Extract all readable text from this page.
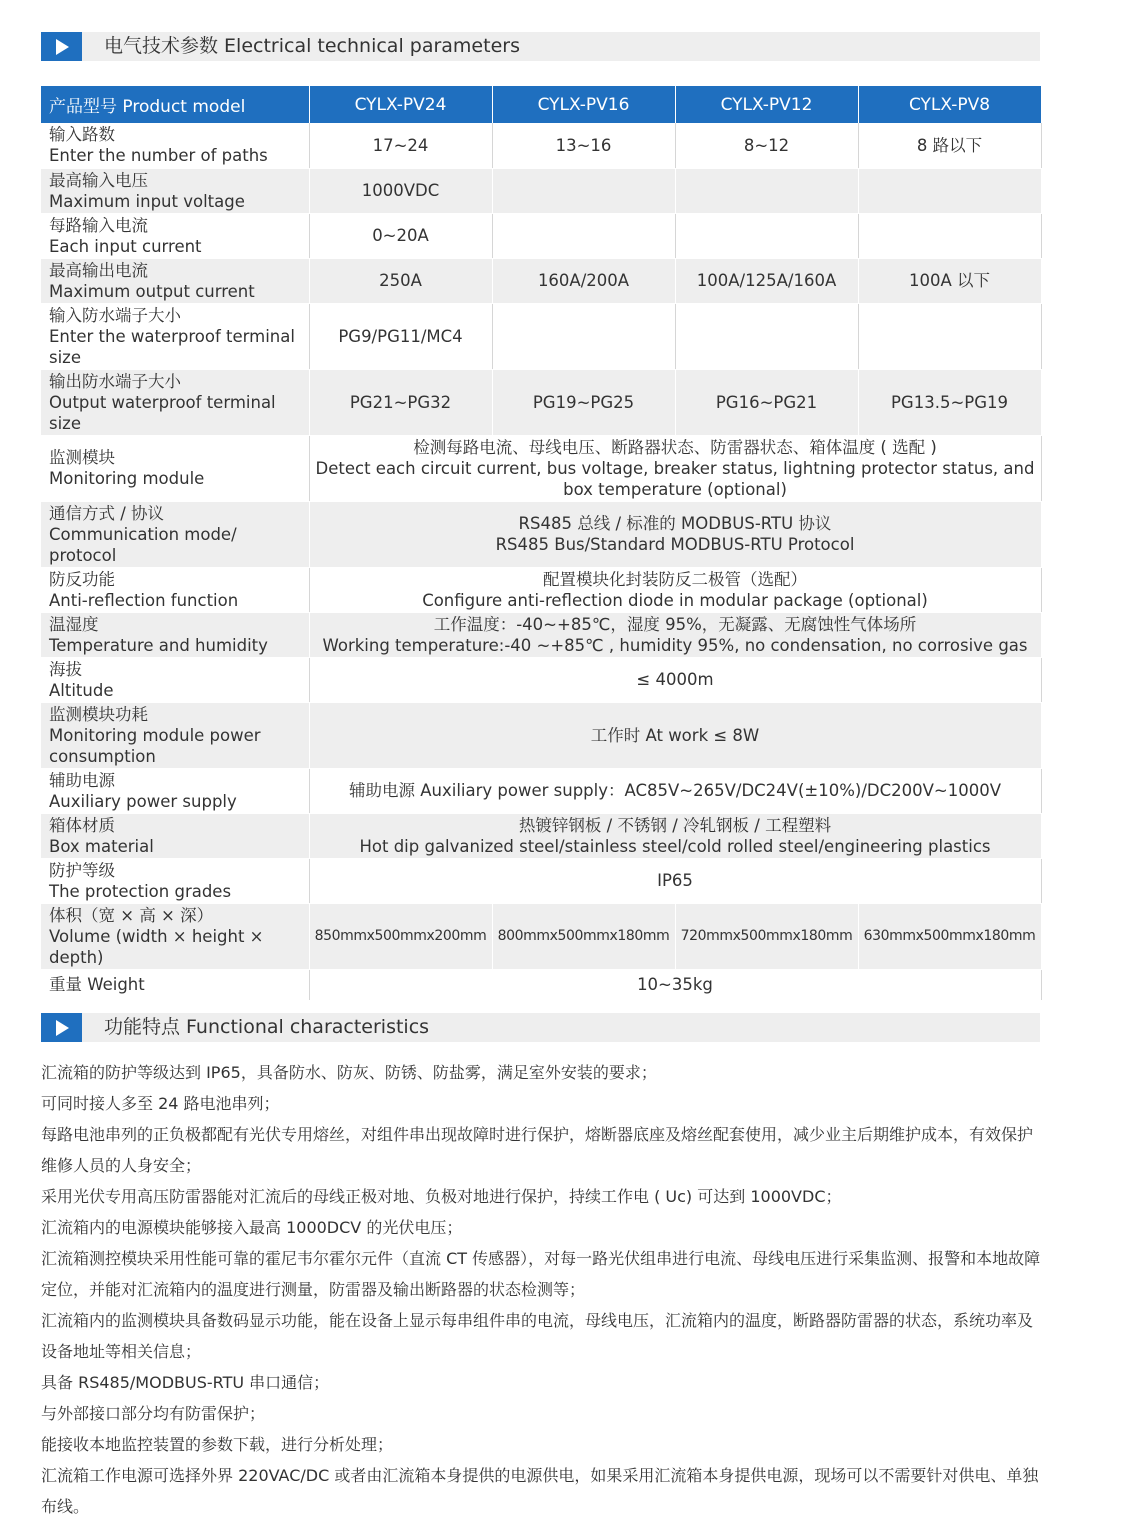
电气技术参数 Electrical technical parameters
产品型号 Product model	CYLX-PV24	CYLX-PV16	CYLX-PV12	CYLX-PV8

输入路数
Enter the number of paths	17~24	13~16	8~12	8 路以下

最高输入电压
Maximum input voltage	1000VDC			

每路输入电流
Each input current	0~20A			

最高输出电流
Maximum output current	250A	160A/200A	100A/125A/160A	100A 以下

输入防水端子大小
Enter the waterproof terminal
size	PG9/PG11/MC4			

输出防水端子大小
Output waterproof terminal
size	PG21~PG32	PG19~PG25	PG16~PG21	PG13.5~PG19

监测模块
Monitoring module	检测每路电流、母线电压、断路器状态、防雷器状态、箱体温度 ( 选配 )
Detect each circuit current, bus voltage, breaker status, lightning protector status, and
box temperature (optional)			

通信方式 / 协议
Communication mode/
protocol	RS485 总线 / 标准的 MODBUS-RTU 协议
RS485 Bus/Standard MODBUS-RTU Protocol			

防反功能
Anti-reflection function	配置模块化封装防反二极管（选配）
Configure anti-reflection diode in modular package (optional)			

温湿度
Temperature and humidity	工作温度：-40~+85℃，湿度 95%，无凝露、无腐蚀性气体场所
Working temperature:-40 ~+85℃ , humidity 95%, no condensation, no corrosive gas			

海拔
Altitude	≤ 4000m			

监测模块功耗
Monitoring module power
consumption	工作时 At work ≤ 8W			

辅助电源
Auxiliary power supply	辅助电源 Auxiliary power supply：AC85V~265V/DC24V(±10%)/DC200V~1000V			

箱体材质
Box material	热镀锌钢板 / 不锈钢 / 冷轧钢板 / 工程塑料
Hot dip galvanized steel/stainless steel/cold rolled steel/engineering plastics			

防护等级
The protection grades	IP65			

体积（宽 × 高 × 深）
Volume (width × height ×
depth)	850mmx500mmx200mm	800mmx500mmx180mm	720mmx500mmx180mm	630mmx500mmx180mm

重量 Weight	10~35kg			
功能特点 Functional characteristics

汇流箱的防护等级达到 IP65，具备防水、防灰、防锈、防盐雾，满足室外安装的要求；

可同时接人多至 24 路电池串列；

每路电池串列的正负极都配有光伏专用熔丝，对组件串出现故障时进行保护，熔断器底座及熔丝配套使用，减少业主后期维护成本，有效保护维修人员的人身安全；

采用光伏专用高压防雷器能对汇流后的母线正极对地、负极对地进行保护，持续工作电 ( Uc) 可达到 1000VDC；

汇流箱内的电源模块能够接入最高 1000DCV 的光伏电压；

汇流箱测控模块采用性能可靠的霍尼韦尔霍尔元件（直流 CT 传感器），对每一路光伏组串进行电流、母线电压进行采集监测、报警和本地故障定位，并能对汇流箱内的温度进行测量，防雷器及输出断路器的状态检测等；

汇流箱内的监测模块具备数码显示功能，能在设备上显示每串组件串的电流，母线电压，汇流箱内的温度，断路器防雷器的状态，系统功率及设备地址等相关信息；

具备 RS485/MODBUS-RTU 串口通信；

与外部接口部分均有防雷保护；

能接收本地监控装置的参数下载，进行分析处理；

汇流箱工作电源可选择外界 220VAC/DC 或者由汇流箱本身提供的电源供电，如果采用汇流箱本身提供电源，现场可以不需要针对供电、单独布线。
